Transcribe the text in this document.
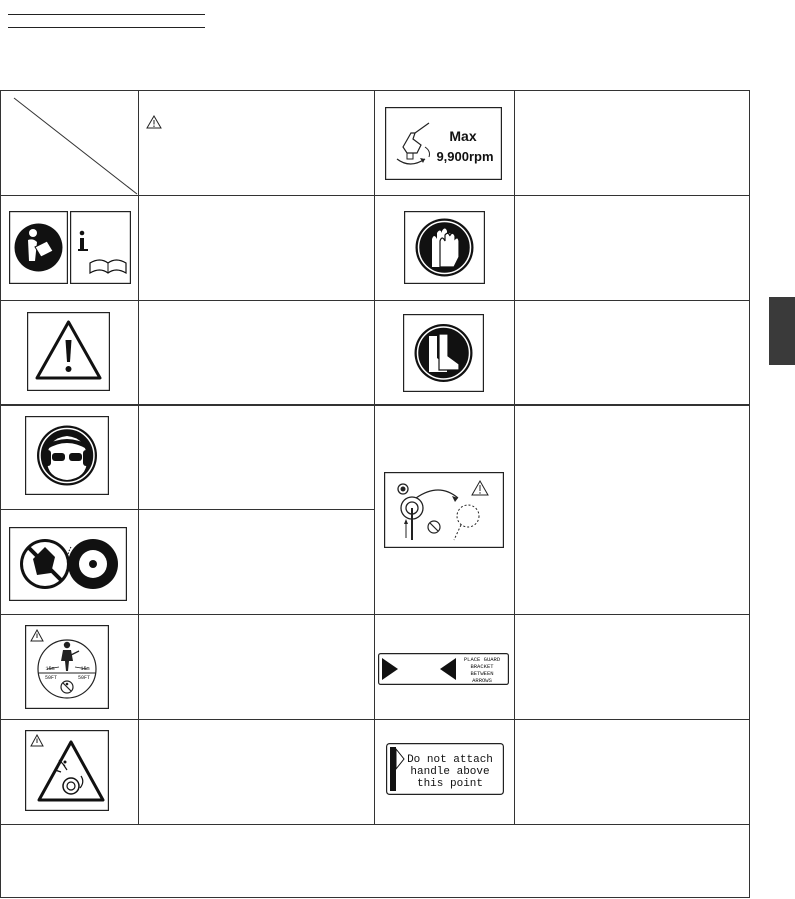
Max
9,900rpm
15m
50FT
15m
50FT
PLACE GUARD
BRACKET
BETWEEN
ARROWS
Do not attach
handle above
this point
